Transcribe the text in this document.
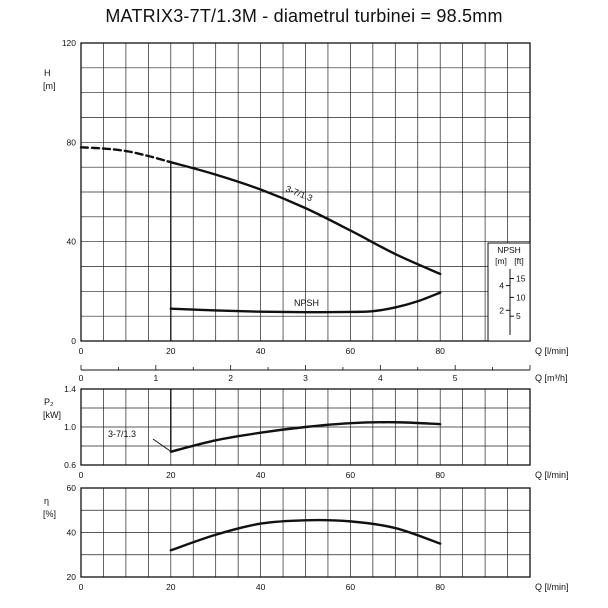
MATRIX3-7T/1.3M - diametrul turbinei = 98.5mm
0
40
80
120
0	20	40	60	80	Q [l/min]
H
[m]
3-7/1.3
NPSH
0	1	2	3	4	5	Q [m³/h]
NPSH
[m] [ft]
5
10
15
2
4
0.6
1.0
1.4
0	20	40	60	80	Q [l/min]
P₂
[kW]
3-7/1.3
20
40
60
0	20	40	60	80	Q [l/min]
η
[%]
